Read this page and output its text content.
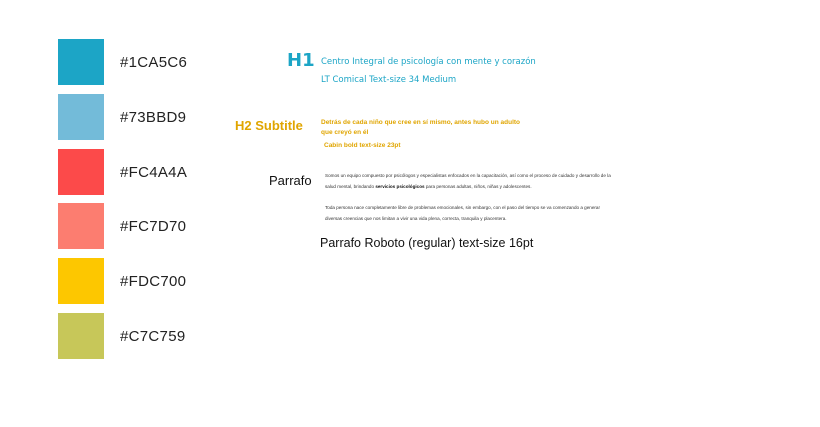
#1CA5C6
#73BBD9
#FC4A4A
#FC7D70
#FDC700
#C7C759
H1 Centro Integral de psicología con mente y corazón
LT Comical Text-size 34 Medium
H2 Subtitle	Detrás de cada niño que cree en sí mismo, antes hubo un adulto que creyó en él
Cabin bold text-size 23pt
Parrafo	Somos un equipo compuesto por psicólogos y especialistas enfocados en la capacitación, así como el proceso de cuidado y desarrollo de la salud mental, brindando servicios psicológicos para personas adultas, niños, niñas y adolescentes.
Toda persona nace completamente libre de problemas emocionales, sin embargo, con el paso del tiempo se va comenzando a generar diversas creencias que nos limitan a vivir una vida plena, correcta, tranquila y placentera.
Parrafo Roboto (regular) text-size 16pt
